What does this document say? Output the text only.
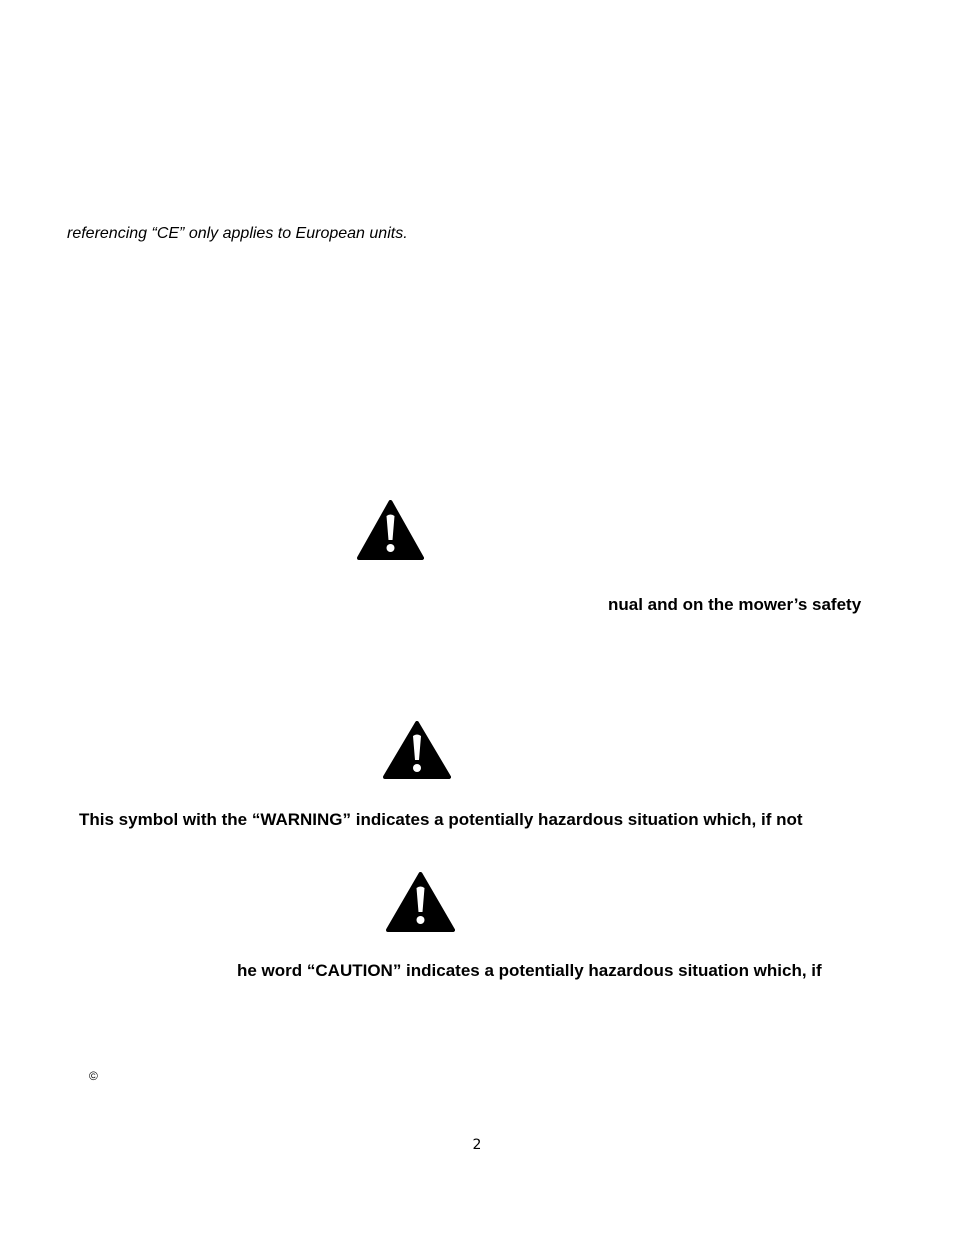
referencing “CE” only applies to European units.
nual and on the mower’s safety
This symbol with the “WARNING” indicates a potentially hazardous situation which, if not
he word “CAUTION” indicates a potentially hazardous situation which, if
©
2
